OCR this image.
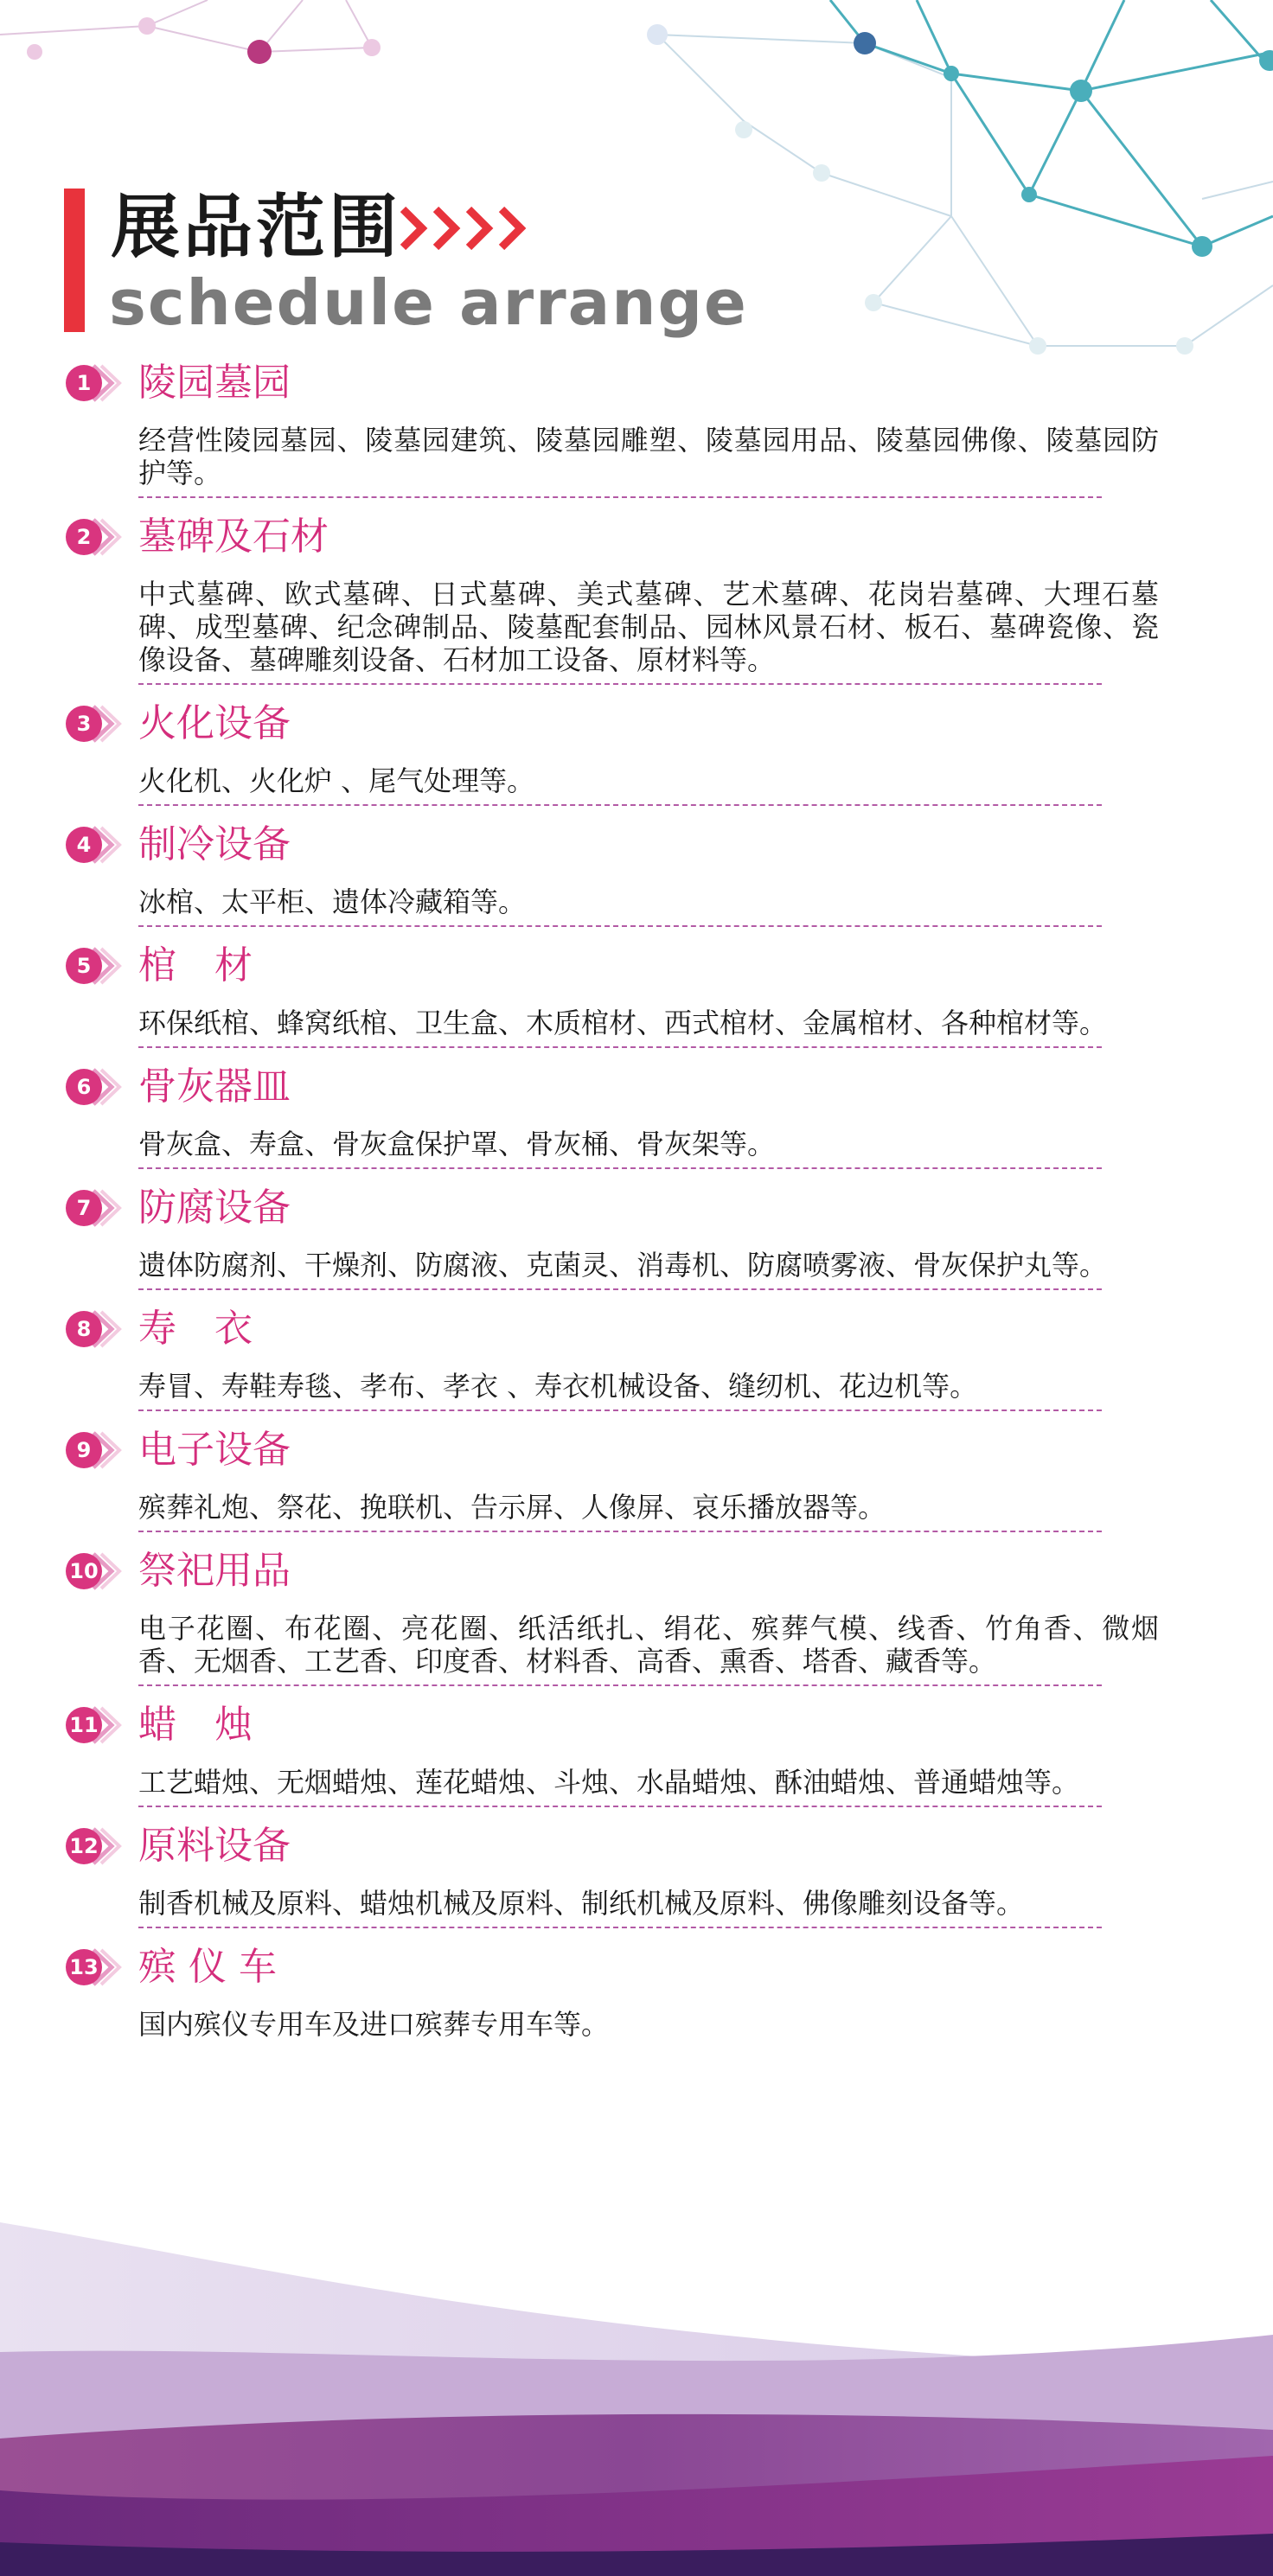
展品范围
schedule arrange
1	陵园墓园
经营性陵园墓园、陵墓园建筑、陵墓园雕塑、陵墓园用品、陵墓园佛像、陵墓园防护等。
2	墓碑及石材
中式墓碑、欧式墓碑、日式墓碑、美式墓碑、艺术墓碑、花岗岩墓碑、大理石墓碑、成型墓碑、纪念碑制品、陵墓配套制品、园林风景石材、板石、墓碑瓷像、瓷像设备、墓碑雕刻设备、石材加工设备、原材料等。
3	火化设备
火化机、火化炉 、尾气处理等。
4	制冷设备
冰棺、太平柜、遗体冷藏箱等。
5	棺　材
环保纸棺、蜂窝纸棺、卫生盒、木质棺材、西式棺材、金属棺材、各种棺材等。
6	骨灰器皿
骨灰盒、寿盒、骨灰盒保护罩、骨灰桶、骨灰架等。
7	防腐设备
遗体防腐剂、干燥剂、防腐液、克菌灵、消毒机、防腐喷雾液、骨灰保护丸等。
8	寿　衣
寿冒、寿鞋寿毯、孝布、孝衣 、寿衣机械设备、缝纫机、花边机等。
9	电子设备
殡葬礼炮、祭花、挽联机、告示屏、人像屏、哀乐播放器等。
10 祭祀用品
电子花圈、布花圈、亮花圈、纸活纸扎、绢花、殡葬气模、线香、竹角香、微烟香、无烟香、工艺香、印度香、材料香、高香、熏香、塔香、藏香等。
11 蜡　烛
工艺蜡烛、无烟蜡烛、莲花蜡烛、斗烛、水晶蜡烛、酥油蜡烛、普通蜡烛等。
12 原料设备
制香机械及原料、蜡烛机械及原料、制纸机械及原料、佛像雕刻设备等。
13 殡 仪 车
国内殡仪专用车及进口殡葬专用车等。
